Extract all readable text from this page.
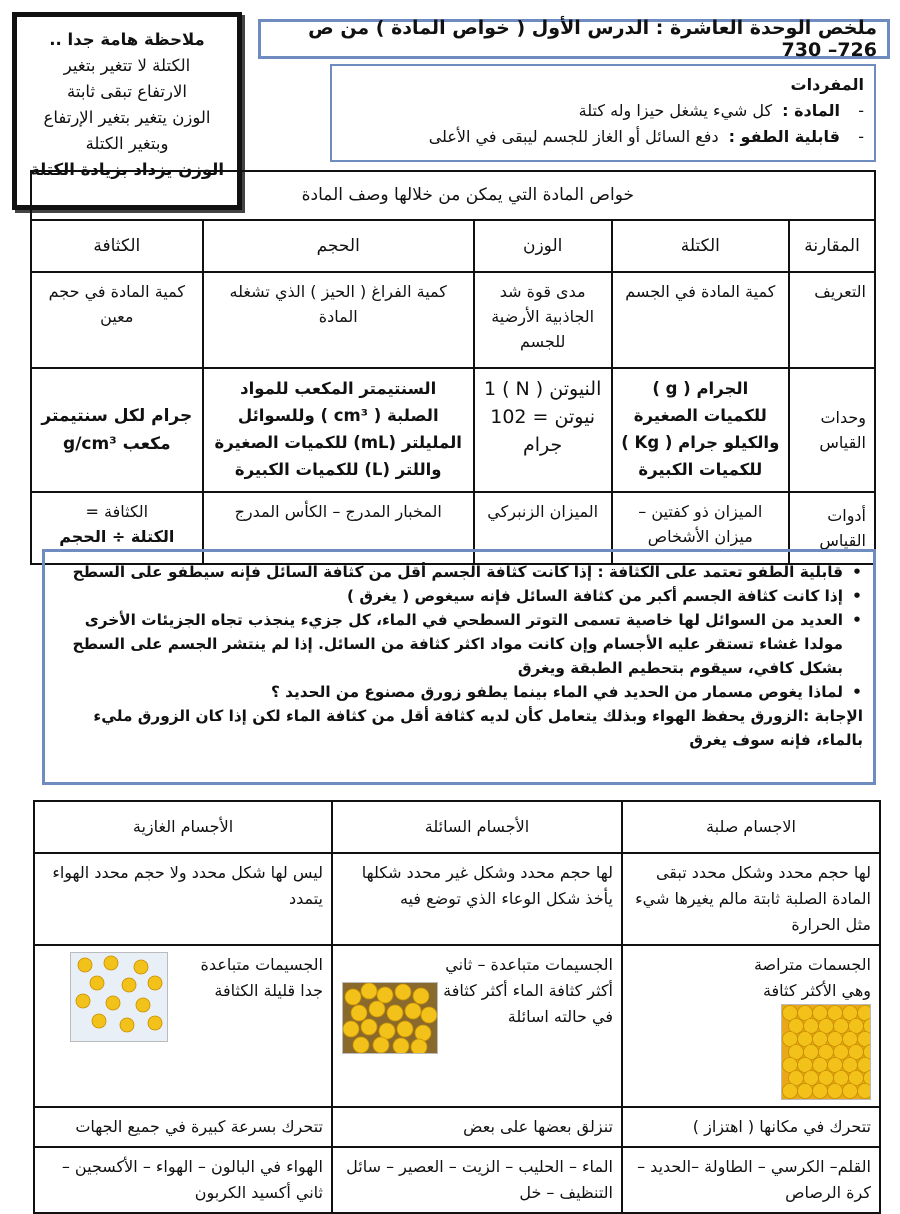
ملخص الوحدة العاشرة : الدرس الأول ( خواص المادة ) من ص 726– 730
ملاحظة هامة جدا ..
الكتلة لا تتغير بتغير
الارتفاع تبقى ثابتة
الوزن يتغير بتغير الإرتفاع
وبتغير الكتلة
الوزن يزداد بزيادة الكتلة
المفردات
-
المادة :
كل شيء يشغل حيزا وله كتلة
-
قابلية الطفو :
دفع السائل أو الغاز للجسم ليبقى في الأعلى
خواص المادة التي يمكن من خلالها وصف المادة				
المقارنة	الكتلة	الوزن	الحجم	الكثافة
التعريف	كمية المادة في الجسم	مدى قوة شد الجاذبية الأرضية للجسم	كمية الفراغ ( الحيز ) الذي تشغله المادة	كمية المادة في حجم معين
وحدات القياس	الجرام ( g ) للكميات الصغيرة والكيلو جرام ( Kg ) للكميات الكبيرة	النيوتن ( N ) 1 نيوتن = 102 جرام	السنتيمتر المكعب للمواد الصلبة ( cm³ ) وللسوائل المليلتر (mL) للكميات الصغيرة واللتر (L) للكميات الكبيرة	جرام لكل سنتيمتر مكعب g/cm³
أدوات القياس	الميزان ذو كفتين – ميزان الأشخاص	الميزان الزنبركي	المخبار المدرج – الكأس المدرج	الكثافة =
الكتلة ÷ الحجم
•
قابلية الطفو تعتمد على الكثافة : إذا كانت كثافة الجسم أقل من كثافة السائل فإنه سيطفو على السطح
•
إذا كانت كثافة الجسم أكبر من كثافة السائل فإنه سيغوص ( يغرق )
•
العديد من السوائل لها خاصية تسمى التوتر السطحي في الماء، كل جزيء ينجذب تجاه الجزيئات الأخرى مولدا غشاء تستقر عليه الأجسام وإن كانت مواد اكثر كثافة من السائل. إذا لم ينتشر الجسم على السطح بشكل كافي، سيقوم بتحطيم الطبقة ويغرق
•
لماذا يغوص مسمار من الحديد في الماء بينما يطفو زورق مصنوع من الحديد ؟
الإجابة :الزورق يحفظ الهواء وبذلك يتعامل كأن لديه كثافة أقل من كثافة الماء لكن إذا كان الزورق مليء بالماء، فإنه سوف يغرق
الاجسام صلبة	الأجسام السائلة	الأجسام الغازية
لها حجم محدد وشكل محدد تبقى المادة الصلبة ثابتة مالم يغيرها شيء مثل الحرارة	لها حجم محدد وشكل غير محدد شكلها يأخذ شكل الوعاء الذي توضع فيه	ليس لها شكل محدد ولا حجم محدد الهواء يتمدد
الجسمات متراصة وهي الأكثر كثافة	الجسيمات متباعدة – ثاني أكثر كثافة الماء أكثر كثافة في حالته اسائلة	الجسيمات متباعدة جدا قليلة الكثافة
تتحرك في مكانها ( اهتزاز )	تنزلق بعضها على بعض	تتحرك بسرعة كبيرة في جميع الجهات
القلم– الكرسي – الطاولة –الحديد – كرة الرصاص	الماء – الحليب – الزيت – العصير – سائل التنظيف – خل	الهواء في البالون – الهواء – الأكسجين – ثاني أكسيد الكربون
